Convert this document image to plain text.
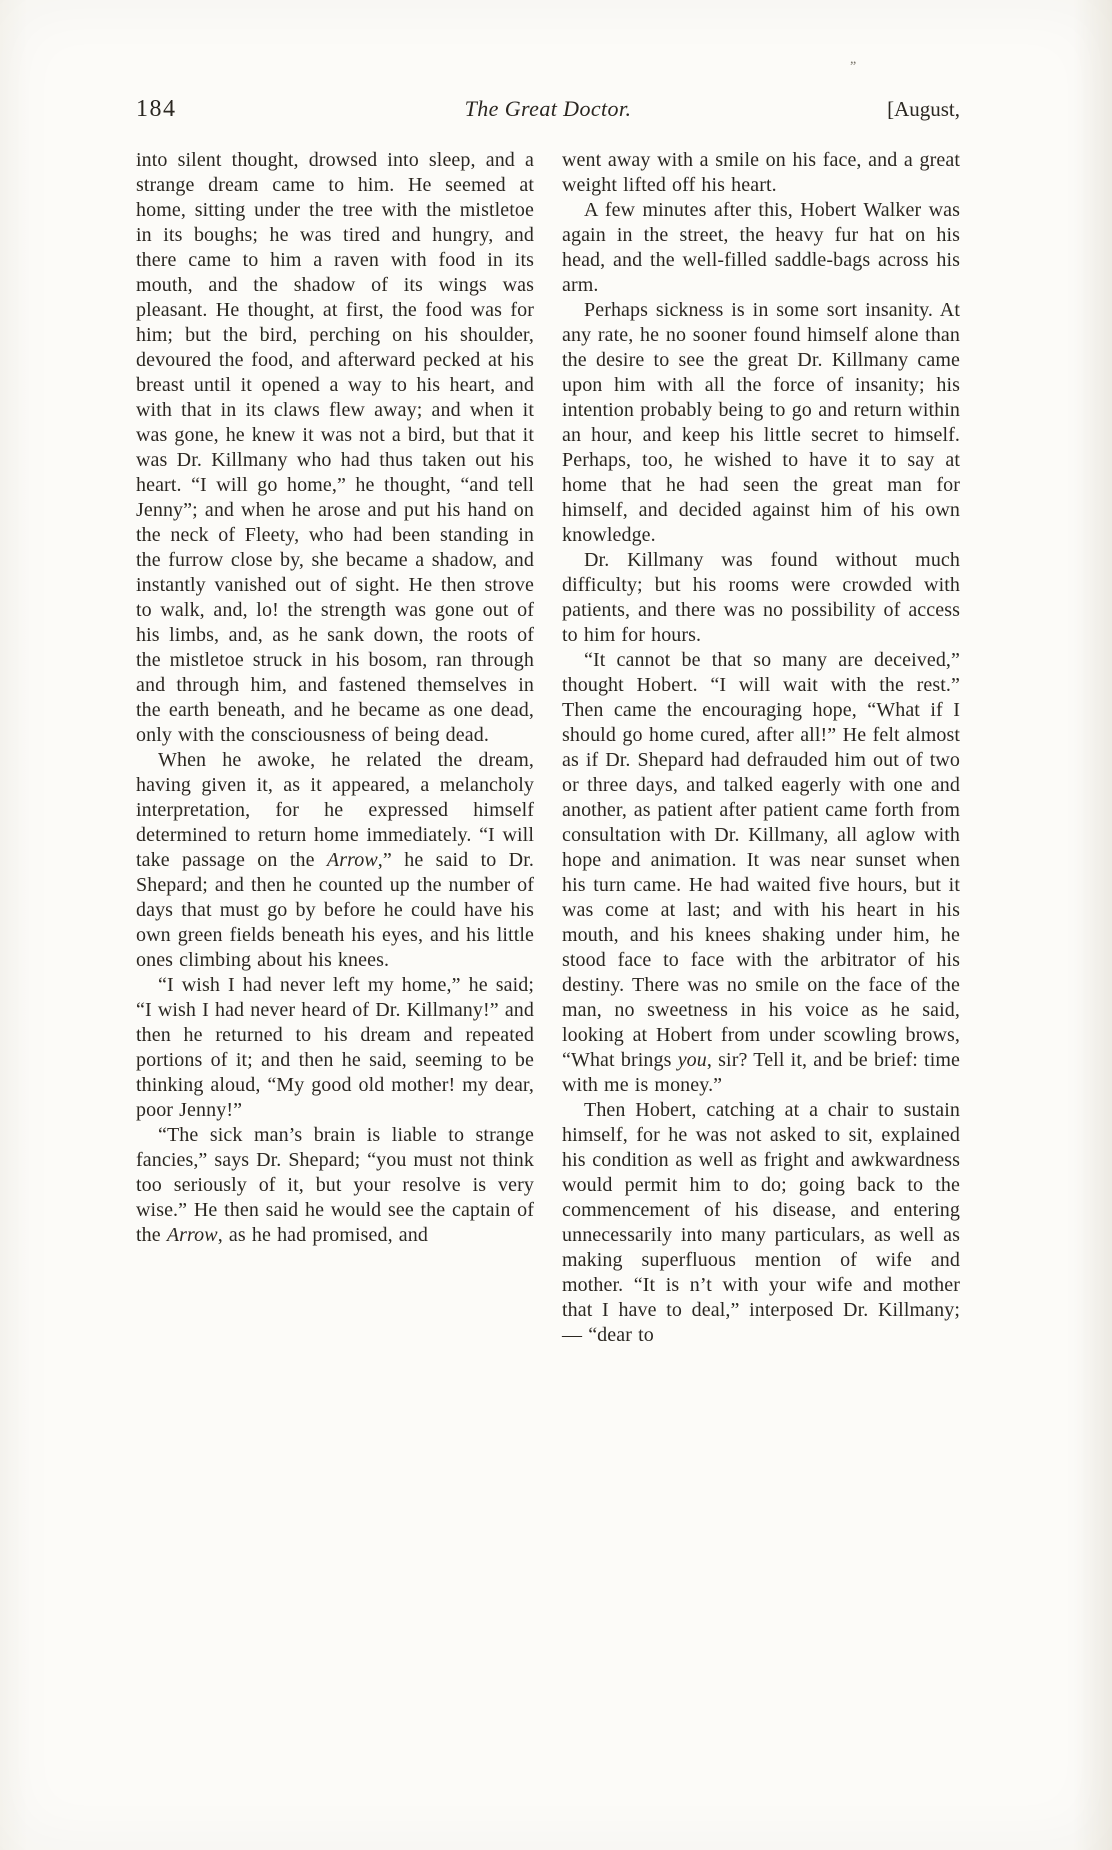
„
184	The Great Doctor.	[August,

into silent thought, drowsed into sleep, and a strange dream came to him. He seemed at home, sitting under the tree with the mistletoe in its boughs; he was tired and hungry, and there came to him a raven with food in its mouth, and the shadow of its wings was pleasant. He thought, at first, the food was for him; but the bird, perching on his shoulder, devoured the food, and afterward pecked at his breast until it opened a way to his heart, and with that in its claws flew away; and when it was gone, he knew it was not a bird, but that it was Dr. Killmany who had thus taken out his heart. “I will go home,” he thought, “and tell Jenny”; and when he arose and put his hand on the neck of Fleety, who had been standing in the furrow close by, she became a shadow, and instantly vanished out of sight. He then strove to walk, and, lo! the strength was gone out of his limbs, and, as he sank down, the roots of the mistletoe struck in his bosom, ran through and through him, and fastened themselves in the earth beneath, and he became as one dead, only with the consciousness of being dead.

When he awoke, he related the dream, having given it, as it appeared, a melancholy interpretation, for he expressed himself determined to return home immediately. “I will take passage on the Arrow,” he said to Dr. Shepard; and then he counted up the number of days that must go by before he could have his own green fields beneath his eyes, and his little ones climbing about his knees.

“I wish I had never left my home,” he said; “I wish I had never heard of Dr. Killmany!” and then he returned to his dream and repeated portions of it; and then he said, seeming to be thinking aloud, “My good old mother! my dear, poor Jenny!”

“The sick man’s brain is liable to strange fancies,” says Dr. Shepard; “you must not think too seriously of it, but your resolve is very wise.” He then said he would see the captain of the Arrow, as he had promised, and

went away with a smile on his face, and a great weight lifted off his heart.

A few minutes after this, Hobert Walker was again in the street, the heavy fur hat on his head, and the well-filled saddle-bags across his arm.

Perhaps sickness is in some sort insanity. At any rate, he no sooner found himself alone than the desire to see the great Dr. Killmany came upon him with all the force of insanity; his intention probably being to go and return within an hour, and keep his little secret to himself. Perhaps, too, he wished to have it to say at home that he had seen the great man for himself, and decided against him of his own knowledge.

Dr. Killmany was found without much difficulty; but his rooms were crowded with patients, and there was no possibility of access to him for hours.

“It cannot be that so many are deceived,” thought Hobert. “I will wait with the rest.” Then came the encouraging hope, “What if I should go home cured, after all!” He felt almost as if Dr. Shepard had defrauded him out of two or three days, and talked eagerly with one and another, as patient after patient came forth from consultation with Dr. Killmany, all aglow with hope and animation. It was near sunset when his turn came. He had waited five hours, but it was come at last; and with his heart in his mouth, and his knees shaking under him, he stood face to face with the arbitrator of his destiny. There was no smile on the face of the man, no sweetness in his voice as he said, looking at Hobert from under scowling brows, “What brings you, sir? Tell it, and be brief: time with me is money.”

Then Hobert, catching at a chair to sustain himself, for he was not asked to sit, explained his condition as well as fright and awkwardness would permit him to do; going back to the commencement of his disease, and entering unnecessarily into many particulars, as well as making superfluous mention of wife and mother. “It is n’t with your wife and mother that I have to deal,” interposed Dr. Killmany; — “dear to
